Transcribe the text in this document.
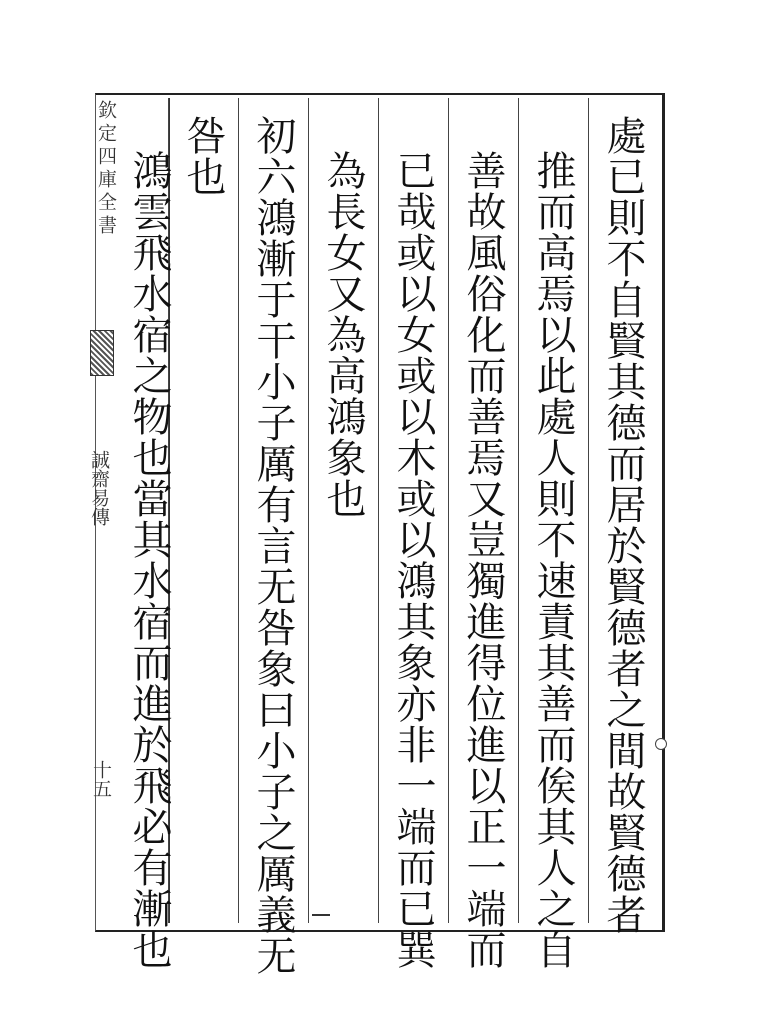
欽定四庫全書
誠齋易傳
十五	處已則不自賢其德而居於賢德者之間故賢德者
推而高焉以此處人則不速責其善而俟其人之自
善故風俗化而善焉又豈獨進得位進以正一端而
已哉或以女或以木或以鴻其象亦非一端而已巽
為長女又為高鴻象也
初六鴻漸于干小子厲有言无咎象曰小子之厲義无
咎也
鴻雲飛水宿之物也當其水宿而進於飛必有漸也
